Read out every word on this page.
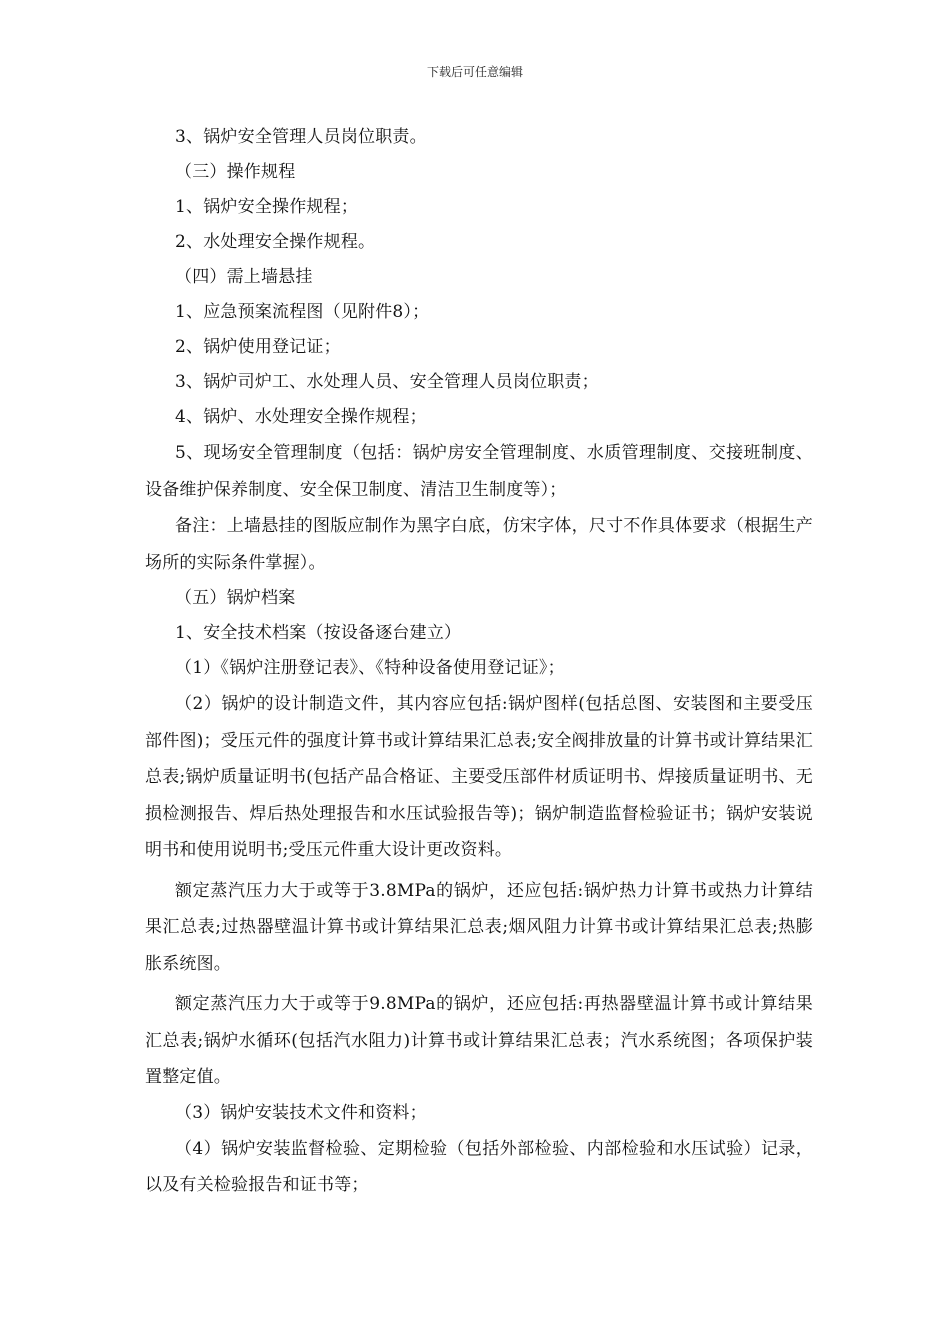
下载后可任意编辑

3、锅炉安全管理人员岗位职责。

（三）操作规程

1、锅炉安全操作规程；

2、水处理安全操作规程。

（四）需上墙悬挂

1、应急预案流程图（见附件8）；

2、锅炉使用登记证；

3、锅炉司炉工、水处理人员、安全管理人员岗位职责；

4、锅炉、水处理安全操作规程；

5、现场安全管理制度（包括：锅炉房安全管理制度、水质管理制度、交接班制度、设备维护保养制度、安全保卫制度、清洁卫生制度等）；

备注：上墙悬挂的图版应制作为黑字白底，仿宋字体，尺寸不作具体要求（根据生产场所的实际条件掌握）。

（五）锅炉档案

1、安全技术档案（按设备逐台建立）

（1）《锅炉注册登记表》、《特种设备使用登记证》；

（2）锅炉的设计制造文件，其内容应包括:锅炉图样(包括总图、安装图和主要受压部件图)；受压元件的强度计算书或计算结果汇总表;安全阀排放量的计算书或计算结果汇总表;锅炉质量证明书(包括产品合格证、主要受压部件材质证明书、焊接质量证明书、无损检测报告、焊后热处理报告和水压试验报告等)；锅炉制造监督检验证书；锅炉安装说明书和使用说明书;受压元件重大设计更改资料。

额定蒸汽压力大于或等于3.8MPa的锅炉，还应包括:锅炉热力计算书或热力计算结果汇总表;过热器壁温计算书或计算结果汇总表;烟风阻力计算书或计算结果汇总表;热膨胀系统图。

额定蒸汽压力大于或等于9.8MPa的锅炉，还应包括:再热器壁温计算书或计算结果汇总表;锅炉水循环(包括汽水阻力)计算书或计算结果汇总表；汽水系统图；各项保护装置整定值。

（3）锅炉安装技术文件和资料；

（4）锅炉安装监督检验、定期检验（包括外部检验、内部检验和水压试验）记录，以及有关检验报告和证书等；
